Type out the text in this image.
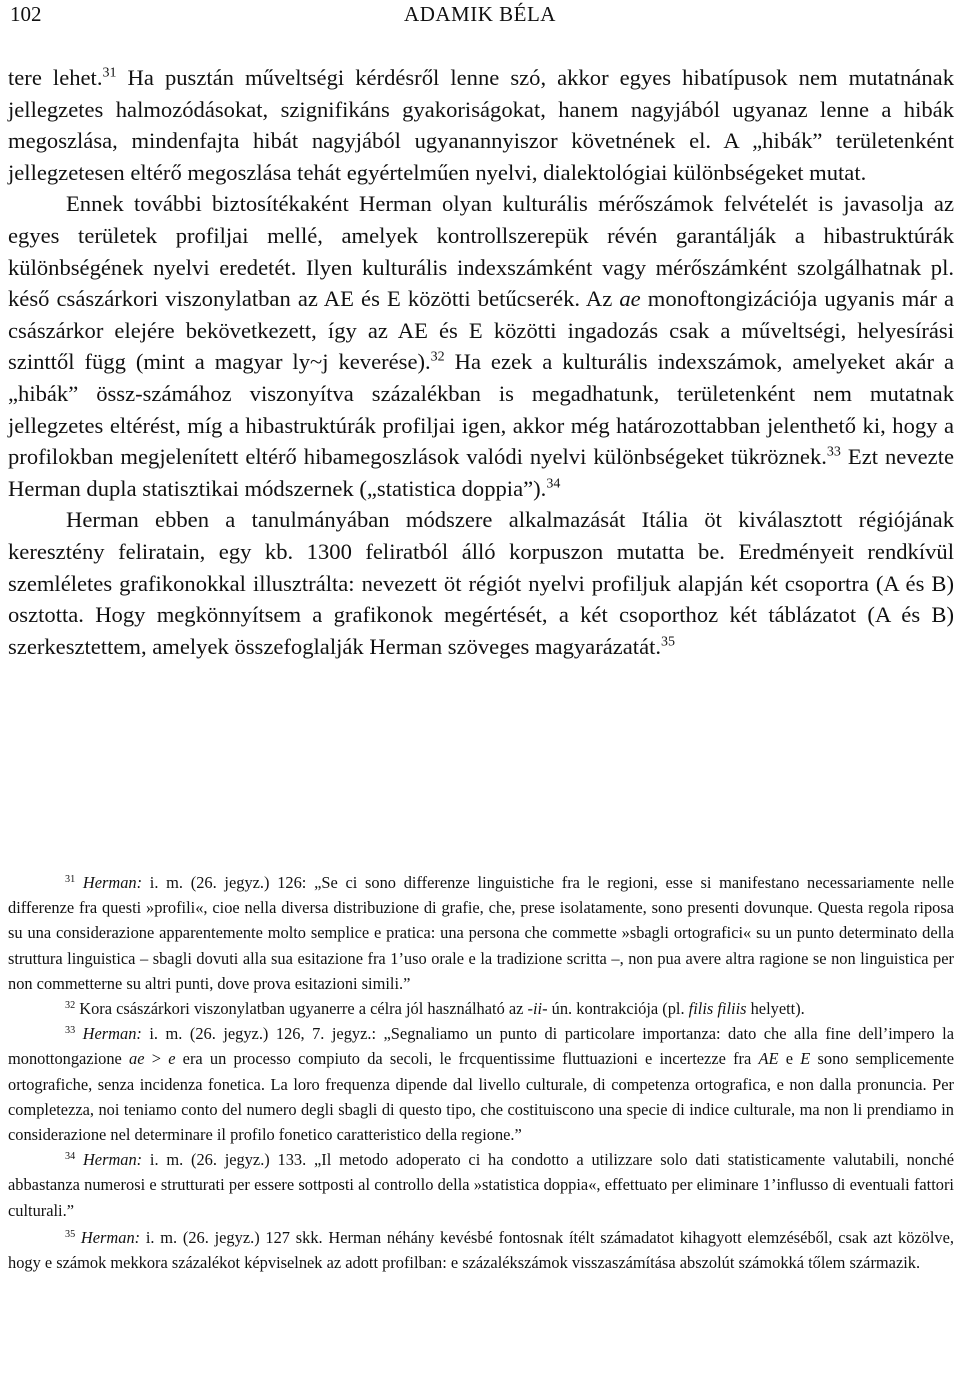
102	ADAMIK BÉLA

tere lehet.$^{31}$ Ha pusztán műveltségi kérdésről lenne szó, akkor egyes hibatípusok nem mutatnának jellegzetes halmozódásokat, szignifikáns gyakoriságokat, hanem nagyjából ugyanaz lenne a hibák megoszlása, mindenfajta hibát nagyjából ugyanannyiszor követnének el. A „hibák” területenként jellegzetesen eltérő megoszlása tehát egyértelműen nyelvi, dialektológiai különbségeket mutat.

Ennek további biztosítékaként Herman olyan kulturális mérőszámok felvételét is javasolja az egyes területek profiljai mellé, amelyek kontrollszerepük révén garantálják a hibastruktúrák különbségének nyelvi eredetét. Ilyen kulturális indexszámként vagy mérőszámként szolgálhatnak pl. késő császárkori viszonylatban az AE és E közötti betűcserék. Az ae monoftongizációja ugyanis már a császárkor elejére bekövetkezett, így az AE és E közötti ingadozás csak a műveltségi, helyesírási szinttől függ (mint a magyar ly~j keverése).$^{32}$ Ha ezek a kulturális indexszámok, amelyeket akár a „hibák” össz-számához viszonyítva százalékban is megadhatunk, területenként nem mutatnak jellegzetes eltérést, míg a hibastruktúrák profiljai igen, akkor még határozottabban jelenthető ki, hogy a profilokban megjelenített eltérő hibamegoszlások valódi nyelvi különbségeket tükröznek.$^{33}$ Ezt nevezte Herman dupla statisztikai módszernek („statistica doppia”).$^{34}$

Herman ebben a tanulmányában módszere alkalmazását Itália öt kiválasztott régiójának keresztény feliratain, egy kb. 1300 feliratból álló korpuszon mutatta be. Eredményeit rendkívül szemléletes grafikonokkal illusztrálta: nevezett öt régiót nyelvi profiljuk alapján két csoportra (A és B) osztotta. Hogy megkönnyítsem a grafikonok megértését, a két csoporthoz két táblázatot (A és B) szerkesztettem, amelyek összefoglalják Herman szöveges magyarázatát.$^{35}$

$^{31}$ Herman: i. m. (26. jegyz.) 126: „Se ci sono differenze linguistiche fra le regioni, esse si manifestano necessariamente nelle differenze fra questi »profili«, cioe nella diversa distribuzione di grafie, che, prese isolatamente, sono presenti dovunque. Questa regola riposa su una considerazione apparentemente molto semplice e pratica: una persona che commette »sbagli ortografici« su un punto determinato della struttura linguistica – sbagli dovuti alla sua esitazione fra 1’uso orale e la tradizione scritta –, non pua avere altra ragione se non linguistica per non commetterne su altri punti, dove prova esitazioni simili.”

$^{32}$ Kora császárkori viszonylatban ugyanerre a célra jól használható az -ii- ún. kontrakciója (pl. filis filiis helyett).

$^{33}$ Herman: i. m. (26. jegyz.) 126, 7. jegyz.: „Segnaliamo un punto di particolare importanza: dato che alla fine dell’impero la monottongazione ae > e era un processo compiuto da secoli, le frcquentissime fluttuazioni e incertezze fra AE e E sono semplicemente ortografiche, senza incidenza fonetica. La loro frequenza dipende dal livello culturale, di competenza ortografica, e non dalla pronuncia. Per completezza, noi teniamo conto del numero degli sbagli di questo tipo, che costituiscono una specie di indice culturale, ma non li prendiamo in considerazione nel determinare il profilo fonetico caratteristico della regione.”

$^{34}$ Herman: i. m. (26. jegyz.) 133. „Il metodo adoperato ci ha condotto a utilizzare solo dati statisticamente valutabili, nonché abbastanza numerosi e strutturati per essere sottposti al controllo della »statistica doppia«, effettuato per eliminare 1’influsso di eventuali fattori culturali.”

$^{35}$ Herman: i. m. (26. jegyz.) 127 skk. Herman néhány kevésbé fontosnak ítélt számadatot kihagyott elemzéséből, csak azt közölve, hogy e számok mekkora százalékot képviselnek az adott profilban: e százalékszámok visszaszámítása abszolút számokká tőlem származik.
